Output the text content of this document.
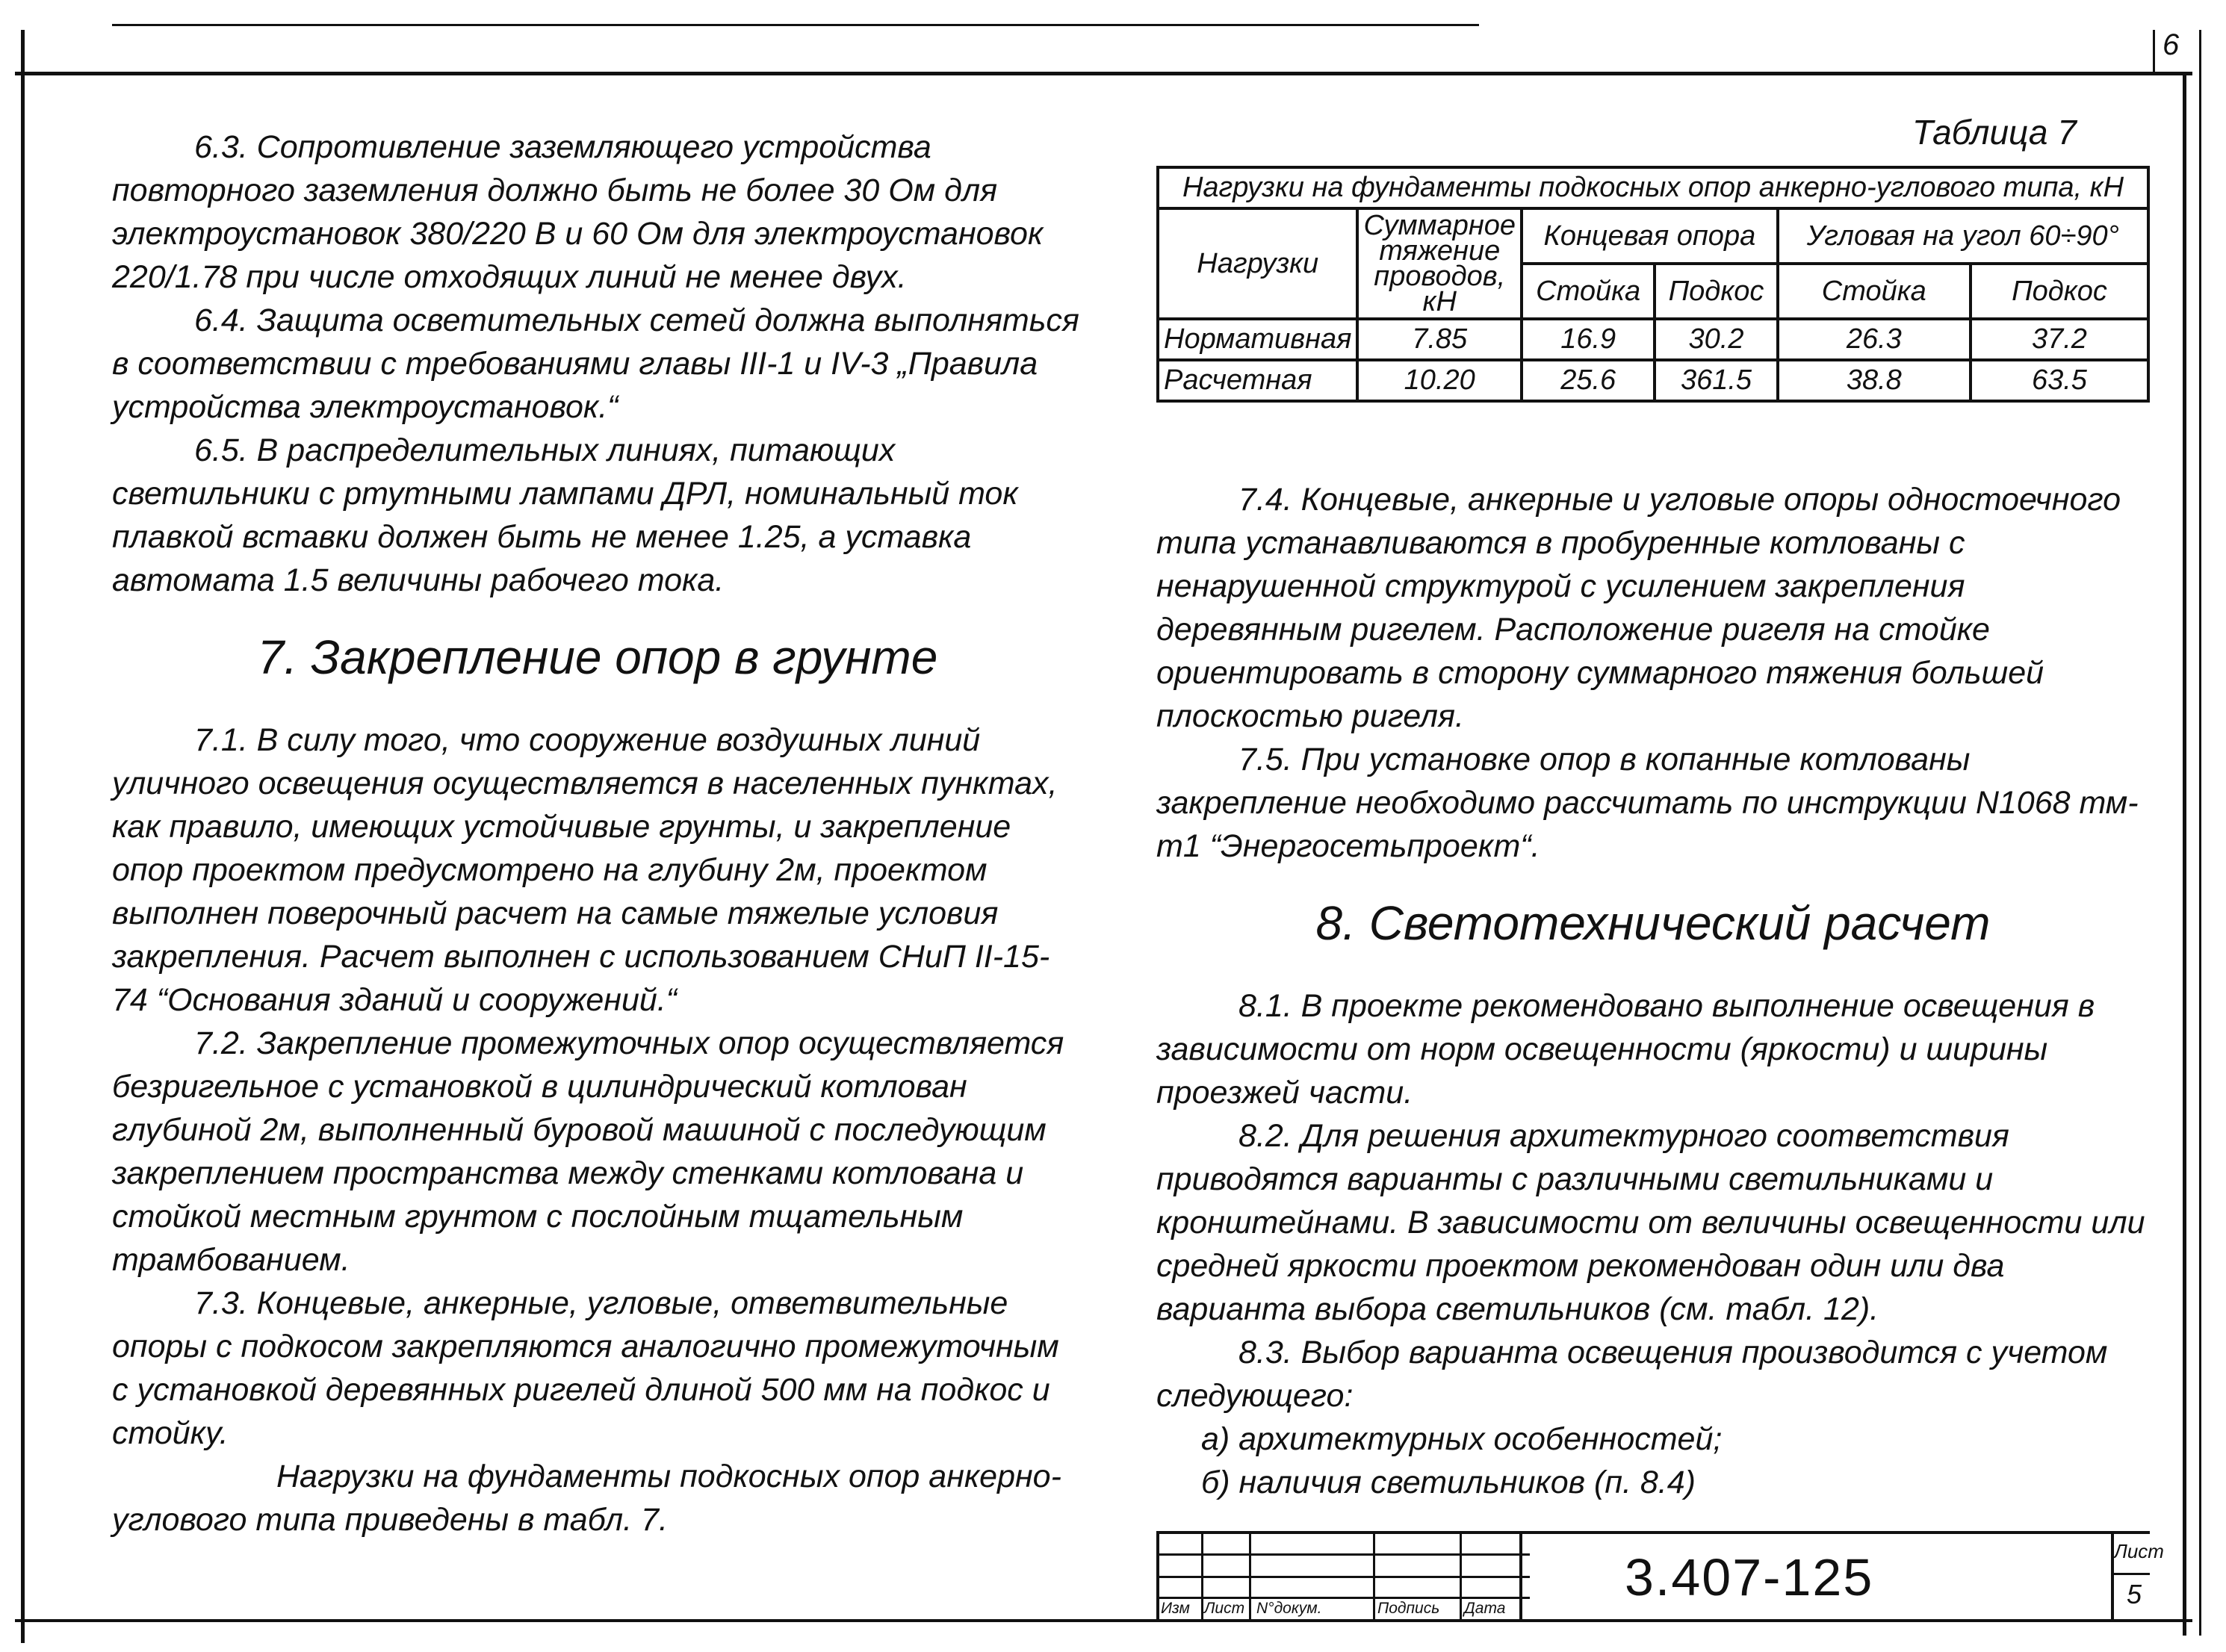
6

6.3. Сопротивление заземляющего устройства повторного заземления должно быть не более 30 Ом для электроустановок 380/220 В и 60 Ом для электроустановок 220/1.78 при числе отходящих линий не менее двух.

6.4. Защита осветительных сетей должна выполняться в соответствии с требованиями главы III-1 и IV-3 „Правила устройства электроустановок.“

6.5. В распределительных линиях, питающих светильники с ртутными лампами ДРЛ, номинальный ток плавкой вставки должен быть не менее 1.25, а уставка автомата 1.5 величины рабочего тока.

7. Закрепление опор в грунте

7.1. В силу того, что сооружение воздушных линий уличного освещения осуществляется в населенных пунктах, как правило, имеющих устойчивые грунты, и закрепление опор проектом предусмотрено на глубину 2м, проектом выполнен поверочный расчет на самые тяжелые условия закрепления. Расчет выполнен с использованием СНиП II-15-74 “Основания зданий и сооружений.“

7.2. Закрепление промежуточных опор осуществляется безригельное с установкой в цилиндрический котлован глубиной 2м, выполненный буровой машиной с последующим закреплением пространства между стенками котлована и стойкой местным грунтом с послойным тщательным трамбованием.

7.3. Концевые, анкерные, угловые, ответвительные опоры с подкосом закрепляются аналогично промежуточным с установкой деревянных ригелей длиной 500 мм на подкос и стойку.

Нагрузки на фундаменты подкосных опор анкерно-углового типа приведены в табл. 7.

Таблица 7
Нагрузки на фундаменты подкосных опор анкерно-углового типа, кН					
Нагрузки	Суммарное тяжение проводов, кН	Концевая опора		Угловая на угол 60÷90°	
		Стойка	Подкос	Стойка	Подкос
Нормативная	7.85	16.9	30.2	26.3	37.2
Расчетная	10.20	25.6	361.5	38.8	63.5

7.4. Концевые, анкерные и угловые опоры одностоечного типа устанавливаются в пробуренные котлованы с ненарушенной структурой с усилением закрепления деревянным ригелем. Расположение ригеля на стойке ориентировать в сторону суммарного тяжения большей плоскостью ригеля.

7.5. При установке опор в копанные котлованы закрепление необходимо рассчитать по инструкции N1068 тм-т1 “Энергосетьпроект“.

8. Светотехнический расчет

8.1. В проекте рекомендовано выполнение освещения в зависимости от норм освещенности (яркости) и ширины проезжей части.

8.2. Для решения архитектурного соответствия приводятся варианты с различными светильниками и кронштейнами. В зависимости от величины освещенности или средней яркости проектом рекомендован один или два варианта выбора светильников (см. табл. 12).

8.3. Выбор варианта освещения производится с учетом следующего:

а) архитектурных особенностей;

б) наличия светильников (п. 8.4)

Изм Лист N°докум.	Подпись Дата
3.407-125	Лист
5
